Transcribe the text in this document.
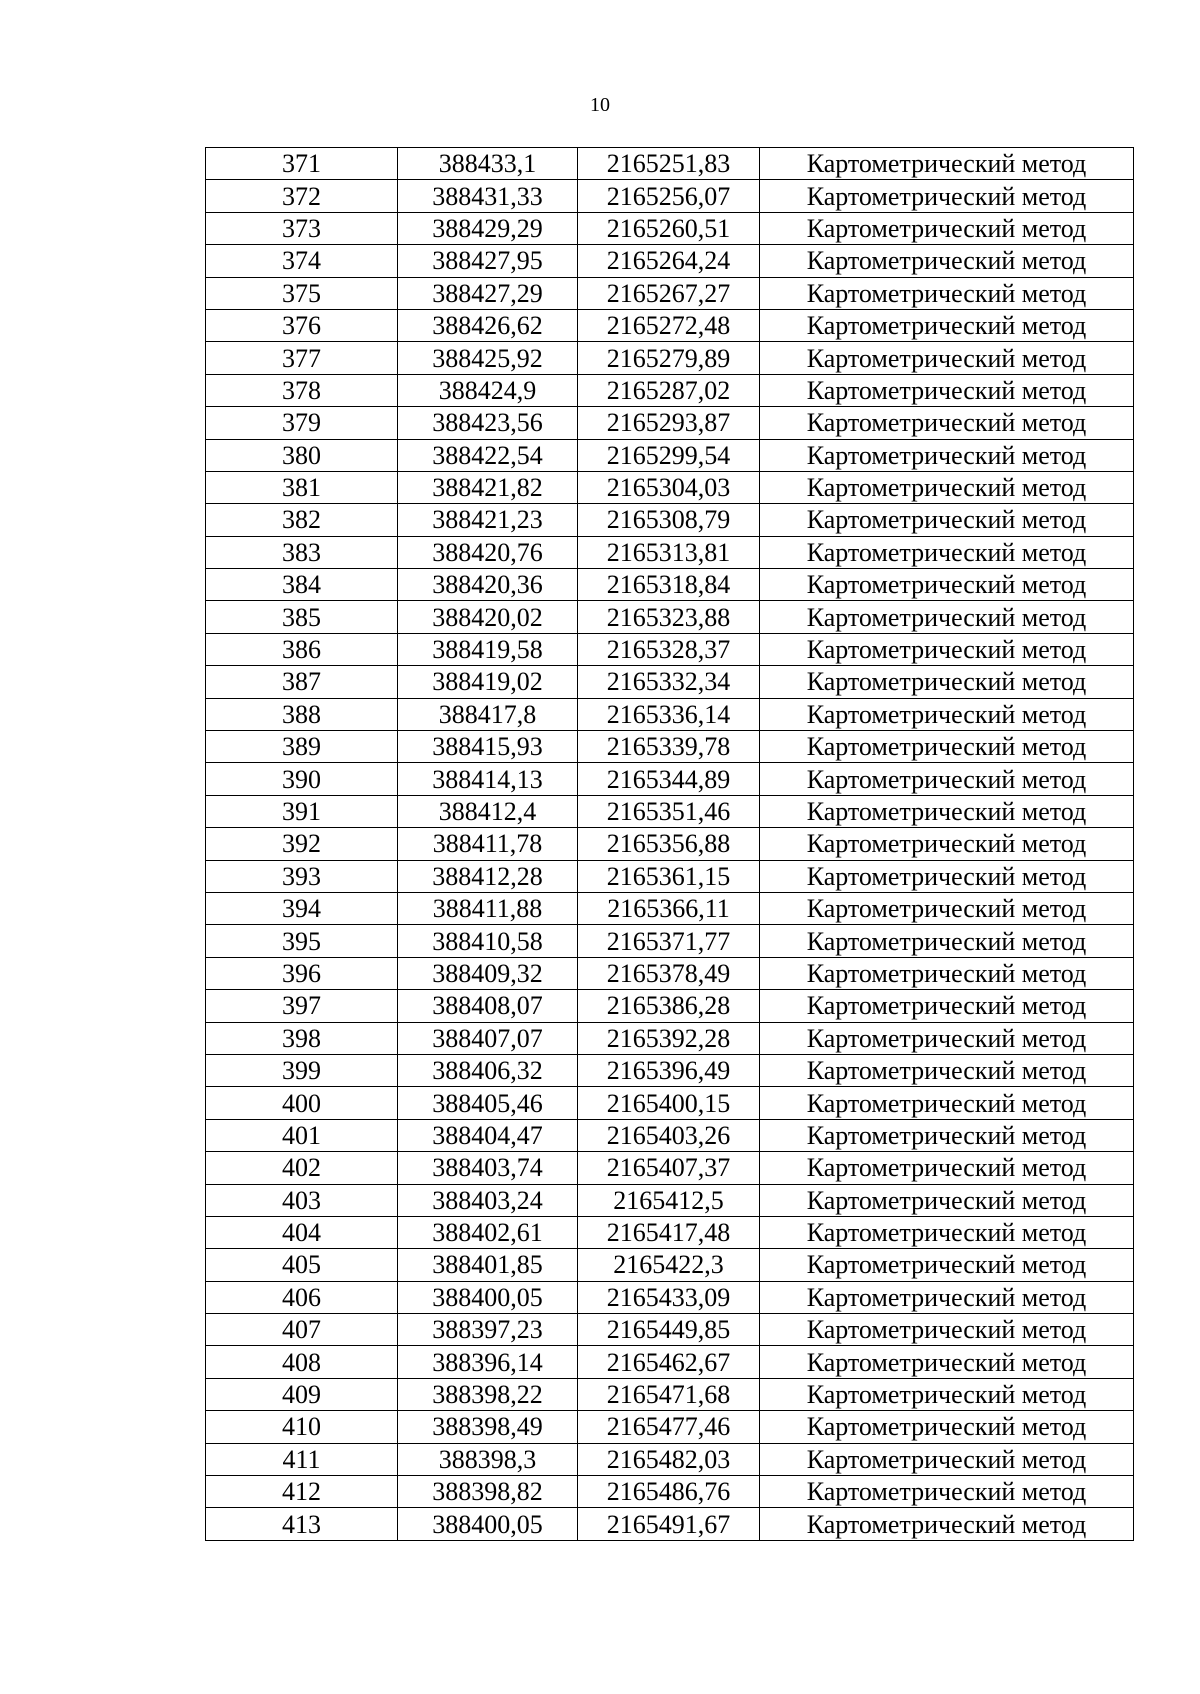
10
371	388433,1	2165251,83	Картометрический метод
372	388431,33	2165256,07	Картометрический метод
373	388429,29	2165260,51	Картометрический метод
374	388427,95	2165264,24	Картометрический метод
375	388427,29	2165267,27	Картометрический метод
376	388426,62	2165272,48	Картометрический метод
377	388425,92	2165279,89	Картометрический метод
378	388424,9	2165287,02	Картометрический метод
379	388423,56	2165293,87	Картометрический метод
380	388422,54	2165299,54	Картометрический метод
381	388421,82	2165304,03	Картометрический метод
382	388421,23	2165308,79	Картометрический метод
383	388420,76	2165313,81	Картометрический метод
384	388420,36	2165318,84	Картометрический метод
385	388420,02	2165323,88	Картометрический метод
386	388419,58	2165328,37	Картометрический метод
387	388419,02	2165332,34	Картометрический метод
388	388417,8	2165336,14	Картометрический метод
389	388415,93	2165339,78	Картометрический метод
390	388414,13	2165344,89	Картометрический метод
391	388412,4	2165351,46	Картометрический метод
392	388411,78	2165356,88	Картометрический метод
393	388412,28	2165361,15	Картометрический метод
394	388411,88	2165366,11	Картометрический метод
395	388410,58	2165371,77	Картометрический метод
396	388409,32	2165378,49	Картометрический метод
397	388408,07	2165386,28	Картометрический метод
398	388407,07	2165392,28	Картометрический метод
399	388406,32	2165396,49	Картометрический метод
400	388405,46	2165400,15	Картометрический метод
401	388404,47	2165403,26	Картометрический метод
402	388403,74	2165407,37	Картометрический метод
403	388403,24	2165412,5	Картометрический метод
404	388402,61	2165417,48	Картометрический метод
405	388401,85	2165422,3	Картометрический метод
406	388400,05	2165433,09	Картометрический метод
407	388397,23	2165449,85	Картометрический метод
408	388396,14	2165462,67	Картометрический метод
409	388398,22	2165471,68	Картометрический метод
410	388398,49	2165477,46	Картометрический метод
411	388398,3	2165482,03	Картометрический метод
412	388398,82	2165486,76	Картометрический метод
413	388400,05	2165491,67	Картометрический метод
